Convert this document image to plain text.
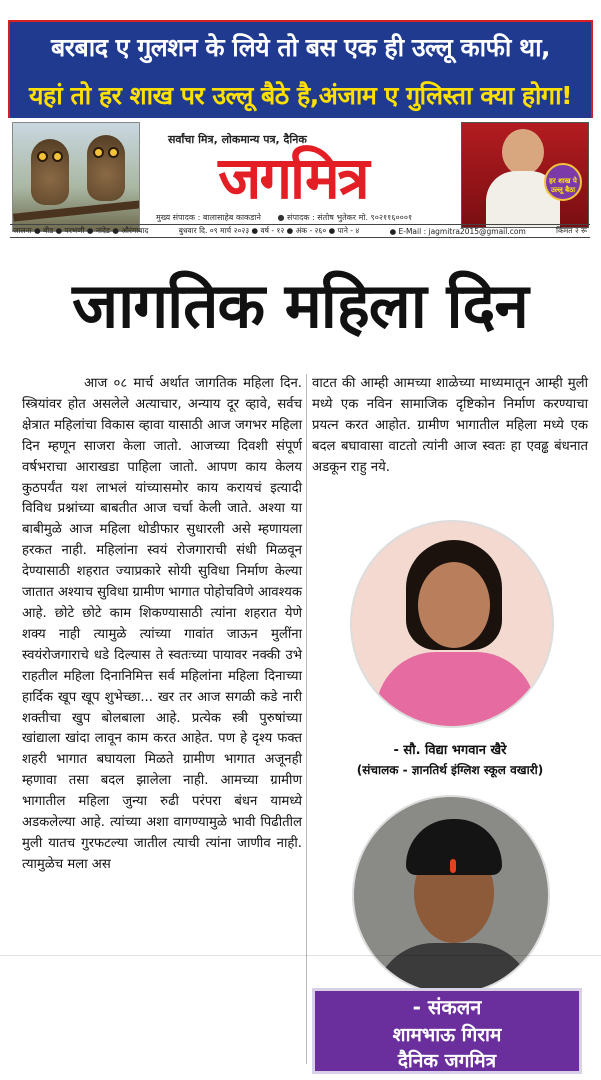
बरबाद ए गुलशन के लिये तो बस एक ही उल्लू काफी था,
यहां तो हर शाख पर उल्लू बैठे है,अंजाम ए गुलिस्ता क्या होगा!
सर्वांचा मित्र, लोकमान्य पत्र, दैनिक
जगमित्र
मुख्य संपादक : बालासाहेब काकडाने ● संपादक : संतोष भुतेकर मो. ९०२११६०००१
हर शाख पे उल्लू बैठा
जालना ● बीड ● परभणी ● नांदेड ● औरंगाबाद	बुधवार दि. ०९ मार्च २०२३ ● वर्ष - १२ ● अंक - २६० ● पाने - ४	● E-Mail : jagmitra2015@gmail.com	किंमत २ रू
जागतिक महिला दिन

आज ०८ मार्च अर्थात जागतिक महिला दिन. स्त्रियांवर होत असलेले अत्याचार, अन्याय दूर व्हावे, सर्वच क्षेत्रात महिलांचा विकास व्हावा यासाठी आज जगभर महिला दिन म्हणून साजरा केला जातो. आजच्या दिवशी संपूर्ण वर्षभराचा आराखडा पाहिला जातो. आपण काय केलय कुठपर्यंत यश लाभलं यांच्यासमोर काय करायचं इत्यादी विविध प्रश्नांच्या बाबतीत आज चर्चा केली जाते. अश्या या बाबीमुळे आज महिला थोडीफार सुधारली असे म्हणायला हरकत नाही. महिलांना स्वयं रोजगाराची संधी मिळवून देण्यासाठी शहरात ज्याप्रकारे सोयी सुविधा निर्माण केल्या जातात अश्याच सुविधा ग्रामीण भागात पोहोचविणे आवश्यक आहे. छोटे छोटे काम शिकण्यासाठी त्यांना शहरात येणे शक्य नाही त्यामुळे त्यांच्या गावांत जाऊन मुलींना स्वयंरोजगाराचे धडे दिल्यास ते स्वतःच्या पायावर नक्की उभे राहतील महिला दिनानिमित्त सर्व महिलांना महिला दिनाच्या हार्दिक खूप खूप शुभेच्छा... खर तर आज सगळी कडे नारी शक्तीचा खुप बोलबाला आहे. प्रत्येक स्त्री पुरुषांच्या खांद्याला खांदा लावून काम करत आहेत. पण हे दृश्य फक्त शहरी भागात बघायला मिळते ग्रामीण भागात अजूनही म्हणावा तसा बदल झालेला नाही. आमच्या ग्रामीण भागातील महिला जुन्या रुढी परंपरा बंधन यामध्ये अडकलेल्या आहे. त्यांच्या अशा वागण्यामुळे भावी पिढीतील मुली यातच गुरफटल्या जातील त्याची त्यांना जाणीव नाही. त्यामुळेच मला अस

वाटत की आम्ही आमच्या शाळेच्या माध्यमातून आम्ही मुली मध्ये एक नविन सामाजिक दृष्टिकोन निर्माण करण्याचा प्रयत्न करत आहोत. ग्रामीण भागातील महिला मध्ये एक बदल बघावासा वाटतो त्यांनी आज स्वतः हा एवढ्ढ बंधनात अडकून राहु नये.

- सौ. विद्या भगवान खैरे
(संचालक - ज्ञानतिर्थ इंग्लिश स्कूल वखारी)
- संकलन
शामभाऊ गिराम
दैनिक जगमित्र
